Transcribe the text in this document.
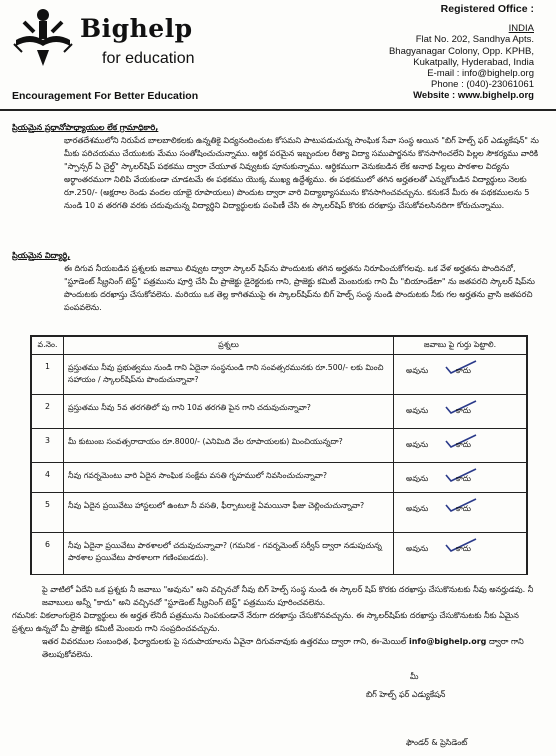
Bighelp
for education
Encouragement For Better Education
Registered Office :
INDIA
Flat No. 202, Sandhya Apts.
Bhagyanagar Colony, Opp. KPHB,
Kukatpally, Hyderabad, India
E-mail : info@bighelp.org
Phone : (040)-23061061
Website : www.bighelp.org
ప్రియమైన ప్రధానోపాధ్యాయుల లేక గ్రామాధికారి,
భారతదేశములోని నిరుపేద బాలబాలికలకు ఉన్నతికై విద్యనందించుట కోసమని పాటుపడుచున్న సాంఘిక సేవా సంస్థ అయిన "బిగ్ హెల్ప్ ఫర్ ఎడ్యుకేషన్" ను మీకు పరిచయము చేయుటకు మేము సంతోషించుచున్నాము. ఆర్థిక పరమైన ఇబ్బందుల రీత్యా విద్యా సముపార్జనను కొనసాగించలేని పిల్లల సౌకర్యము వారికి "స్పాన్సర్ ఏ చైల్డ్" స్కాలర్‌షిప్ పథకము ద్వారా చేయూత నివ్వుటకు పూనుకున్నాము. ఆర్థికముగా వెనుకబడిన లేక అనాథ పిల్లలు పాఠశాల విద్యను అర్థాంతరముగా నిలిపి వేయకుండా చూడటమే ఈ పథకము యొక్క ముఖ్య ఉద్దేశ్యము. ఈ పథకములో తగిన అర్హతలతో ఎన్నుకోబడిన విద్యార్థులు నెలకు రూ.250/- (అక్షరాల రెండు వందల యాభై రూపాయలు) పొందుట ద్వారా వారి విద్యాభ్యాసమును కొనసాగించవచ్చును. కనుకనే మీరు ఈ పథకములను 5 నుండి 10 వ తరగతి వరకు చదువుచున్న విద్యార్థిని విద్యార్థులకు పంపిణీ చేసి ఈ స్కాలర్‌షిప్ కొరకు దరఖాస్తు చేసుకోవలసినదిగా కోరుచున్నాము.
ప్రియమైన విద్యార్థి,
ఈ దిగువ నీయబడిన ప్రశ్నలకు జవాబు లివ్వుట ద్వారా స్కాలర్ షిప్‌ను పొందుటకు తగిన అర్హతను నిరూపించుకోగలవు. ఒక వేళ అర్హతను పొందినచో, "స్టూడెంట్ స్క్రీనింగ్ టెస్ట్" పత్రమును పూర్తి చేసి మీ ప్రాజెక్టు డైరెక్టరుకు గాని, ప్రాజెక్టు కమిటీ మెంబరుకు గాని మీ "బియాండేటా" ను జతపరచి స్కాలర్ షిప్‌ను పొందుటకు దరఖాస్తు చేసుకోవలెను. మరియు ఒక తెల్ల కాగితముపై ఈ స్కాలర్‌షిప్‌ను బిగ్ హెల్ప్ సంస్థ నుండి పొందుటకు నీకు గల అర్హతను వ్రాసి జతపరచి పంపవలెను.
వ.నెం.	ప్రశ్నలు	జవాబు పై గుర్తు పెట్టాలి.
1	ప్రస్తుతము నీవు ప్రభుత్వము నుండి గాని ఏదైనా సంస్థనుండి గాని సంవత్సరమునకు రూ.500/- లకు మించి సహాయం / స్కాలర్‌షిప్‌ను పొందుచున్నావా?	అవును కాదు

2	ప్రస్తుతము నీవు 5వ తరగతిలో పు గాని 10వ తరగతి పైన గాని చదువుచున్నావా?	అవును కాదు

3	మీ కుటుంబ సంవత్సరాదాయం రూ.8000/- (ఎనిమిది వేల రూపాయలకు) మించియున్నదా?	అవును కాదు

4	నీవు గవర్నమెంటు వారి ఏదైన సాంఘిక సంక్షేమ వసతి గృహములో నివసించుచున్నావా?	అవును కాదు

5	నీవు ఏదైన ప్రయివేటు హాస్టలులో ఉంటూ నీ వసతి, ఫీర్పాటులకై ఏమయినా ఫీజు చెల్లించుచున్నావా?	అవును కాదు

6	నీవు ఏదైనా ప్రయివేటు పాఠశాలలో చదువుచున్నావా? (గమనిక - గవర్నమెంట్ సర్వీస్ ద్వారా నడుపుచున్న పాఠశాల ప్రయివేటు పాఠశాలగా గణింపబడదు).	అవును కాదు
పై వాటిలో ఏదేని ఒక ప్రశ్నకు నీ జవాబు "అవును" అని వచ్చినచో నీవు బిగ్ హెల్ప్ సంస్థ నుండి ఈ స్కాలర్ షిప్ కొరకు దరఖాస్తు చేసుకొనుటకు నీవు అనర్హుడవు. నీ జవాబులు అన్నీ "కాదు" అని వచ్చినచో "స్టూడెంట్ స్క్రీనింగ్ టెస్ట్" పత్రమును పూరించవలెను.
గమనిక: వికలాంగులైన విద్యార్థులు ఈ అర్హత లేనిదీ పత్రమును నింపకుండానే నేరుగా దరఖాస్తు చేసుకొనవచ్చును. ఈ స్కాలర్‌షిప్‌కు దరఖాస్తు చేసుకొనుటకు నీకు ఏమైన ప్రశ్నలు ఉన్నచో మీ ప్రాజెక్టు కమిటీ మెంబరు గాని సంప్రదించవచ్చును.
ఇతర వివరముల సంబంధిత, ఫిర్యాదులకు పై సదుపాయాలను ఏవైనా దిగువనావుకు ఉత్తరము ద్వారా గాని, ఈ-మెయిల్ info@bighelp.org ద్వారా గాని తెలుపుకోవలెను.
మీ
బిగ్ హెల్ప్ ఫర్ ఎడ్యుకేషన్
ఫౌండర్ & ప్రెసిడెంట్
